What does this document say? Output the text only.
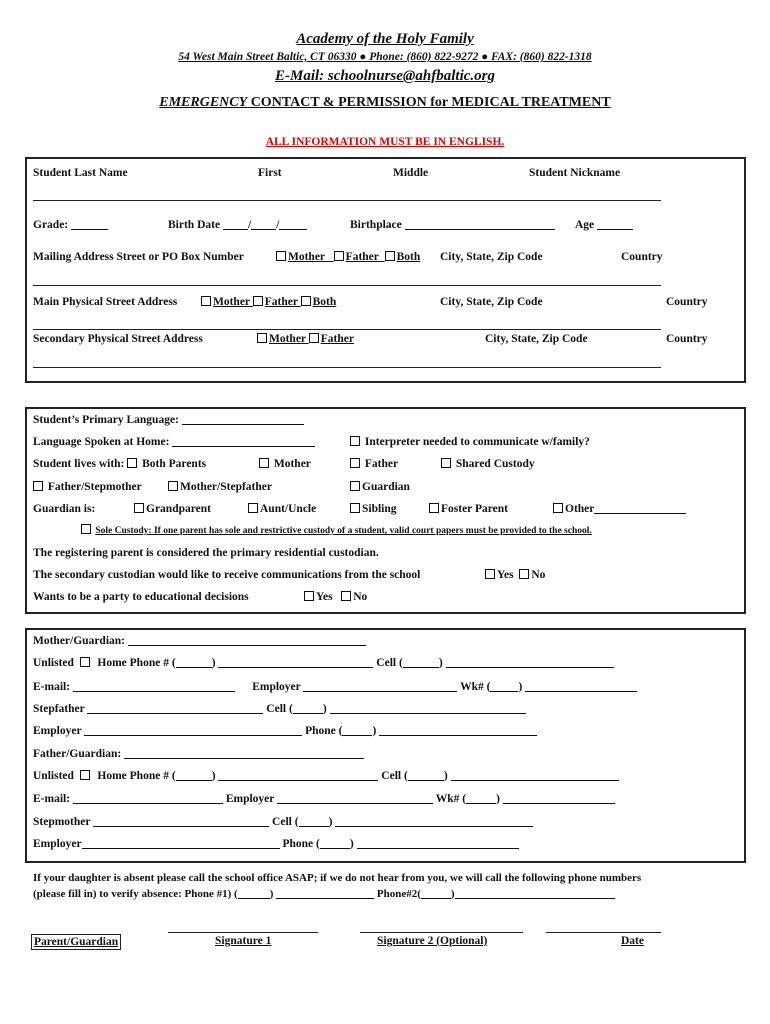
Academy of the Holy Family
54 West Main Street Baltic, CT 06330 ● Phone: (860) 822-9272 ● FAX: (860) 822-1318
E-Mail: schoolnurse@ahfbaltic.org
EMERGENCY CONTACT & PERMISSION for MEDICAL TREATMENT
ALL INFORMATION MUST BE IN ENGLISH.
Student Last Name	First	Middle	Student Nickname
Grade:	Birth Date / /	Birthplace	Age
Mailing Address Street or PO Box Number	Mother Father Both City, State, Zip Code	Country
Main Physical Street Address	Mother Father Both	City, State, Zip Code	Country
Secondary Physical Street Address	Mother Father	City, State, Zip Code	Country
Student’s Primary Language:
Language Spoken at Home:	Interpreter needed to communicate w/family?
Student lives with: Both Parents	Mother	Father	Shared Custody
Father/Stepmother	Mother/Stepfather	Guardian
Guardian is:	Grandparent	Aunt/Uncle	Sibling	Foster Parent	Other
Sole Custody: If one parent has sole and restrictive custody of a student, valid court papers must be provided to the school.
The registering parent is considered the primary residential custodian.
The secondary custodian would like to receive communications from the school	Yes No
Wants to be a party to educational decisions	Yes No
Mother/Guardian:
Unlisted Home Phone # (	)	Cell (	)
E-mail:	Employer	Wk# ( )
Stepfather	Cell (	)
Employer	Phone (	)
Father/Guardian:
Unlisted Home Phone # (	)	Cell (	)
E-mail:	Employer	Wk# (	)
Stepmother	Cell (	)
Employer	Phone (	)
If your daughter is absent please call the school office ASAP; if we do not hear from you, we will call the following phone numbers
(please fill in) to verify absence: Phone #1) (	)	Phone#2(	)
Parent/Guardian	Signature 1	Signature 2 (Optional)	Date
